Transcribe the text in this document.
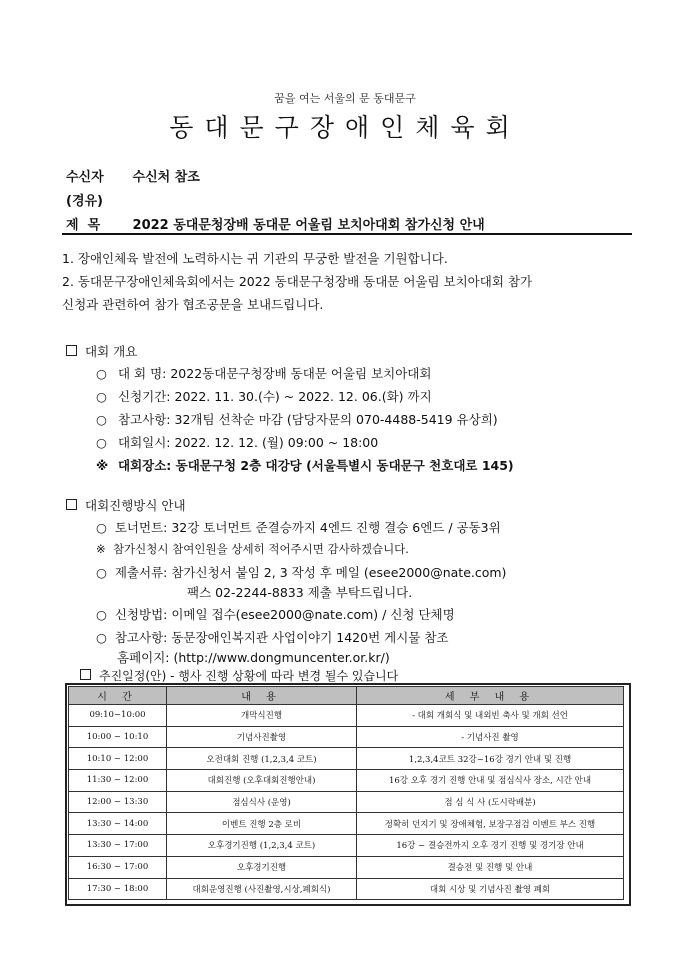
꿈을 여는 서울의 문 동대문구
동대문구장애인체육회
수신자 수신처 참조
(경유)
제  목 2022 동대문청장배 동대문 어울림 보치아대회 참가신청 안내
1. 장애인체육 발전에 노력하시는 귀 기관의 무궁한 발전을 기원합니다.
2. 동대문구장애인체육회에서는 2022 동대문구청장배 동대문 어울림 보치아대회 참가
신청과 관련하여 참가 협조공문을 보내드립니다.
대회 개요
○ 대 회 명: 2022동대문구청장배 동대문 어울림 보치아대회
○ 신청기간: 2022. 11. 30.(수) ~ 2022. 12. 06.(화) 까지
○ 참고사항: 32개팀 선착순 마감 (담당자문의 070-4488-5419 유상희)
○ 대회일시: 2022. 12. 12. (월) 09:00 ~ 18:00
※ 대회장소: 동대문구청 2층 대강당 (서울특별시 동대문구 천호대로 145)
대회진행방식 안내
○  토너먼트: 32강 토너먼트 준결승까지 4엔드 진행 결승 6엔드 / 공동3위
※  참가신청시 참여인원을 상세히 적어주시면 감사하겠습니다.
○  제출서류: 참가신청서 붙임 2, 3 작성 후 메일 (esee2000@nate.com)
팩스 02-2244-8833 제출 부탁드립니다.
○  신청방법: 이메일 접수(esee2000@nate.com) / 신청 단체명
○  참고사항: 동문장애인복지관 사업이야기 1420번 게시물 참조
홈페이지: (http://www.dongmuncenter.or.kr/)
추진일정(안) - 행사 진행 상황에 따라 변경 될수 있습니다
시 간	내 용	세 부 내 용
09:10~10:00	개막식진행	- 대회 개회식 및 내외빈 축사 및 개회 선언
10:00 ~ 10:10	기념사진촬영	- 기념사진 촬영
10:10 ~ 12:00	오전대회 진행 (1,2,3,4 코트)	1,2,3,4코트 32강~16강 경기 안내 및 진행
11:30 ~ 12:00	대회진행 (오후대회진행안내)	16강 오후 경기 진행 안내 및 점심식사 장소, 시간 안내
12:00 ~ 13:30	점심식사 (운영)	점 심 식 사 (도시락배분)
13:30 ~ 14:00	이벤트 진행 2층 로비	정확히 던지기 및 장애체험, 보장구점검 이벤트 부스 진행
13:30 ~ 17:00	오후경기진행 (1,2,3,4 코트)	16강 ~ 결승전까지 오후 경기 진행 및 경기장 안내
16:30 ~ 17:00	오후경기진행	결승전 및 진행 및 안내
17:30 ~ 18:00	대회운영진행 (사진촬영,시상,폐회식)	대회 시상 및 기념사진 촬영 폐회
